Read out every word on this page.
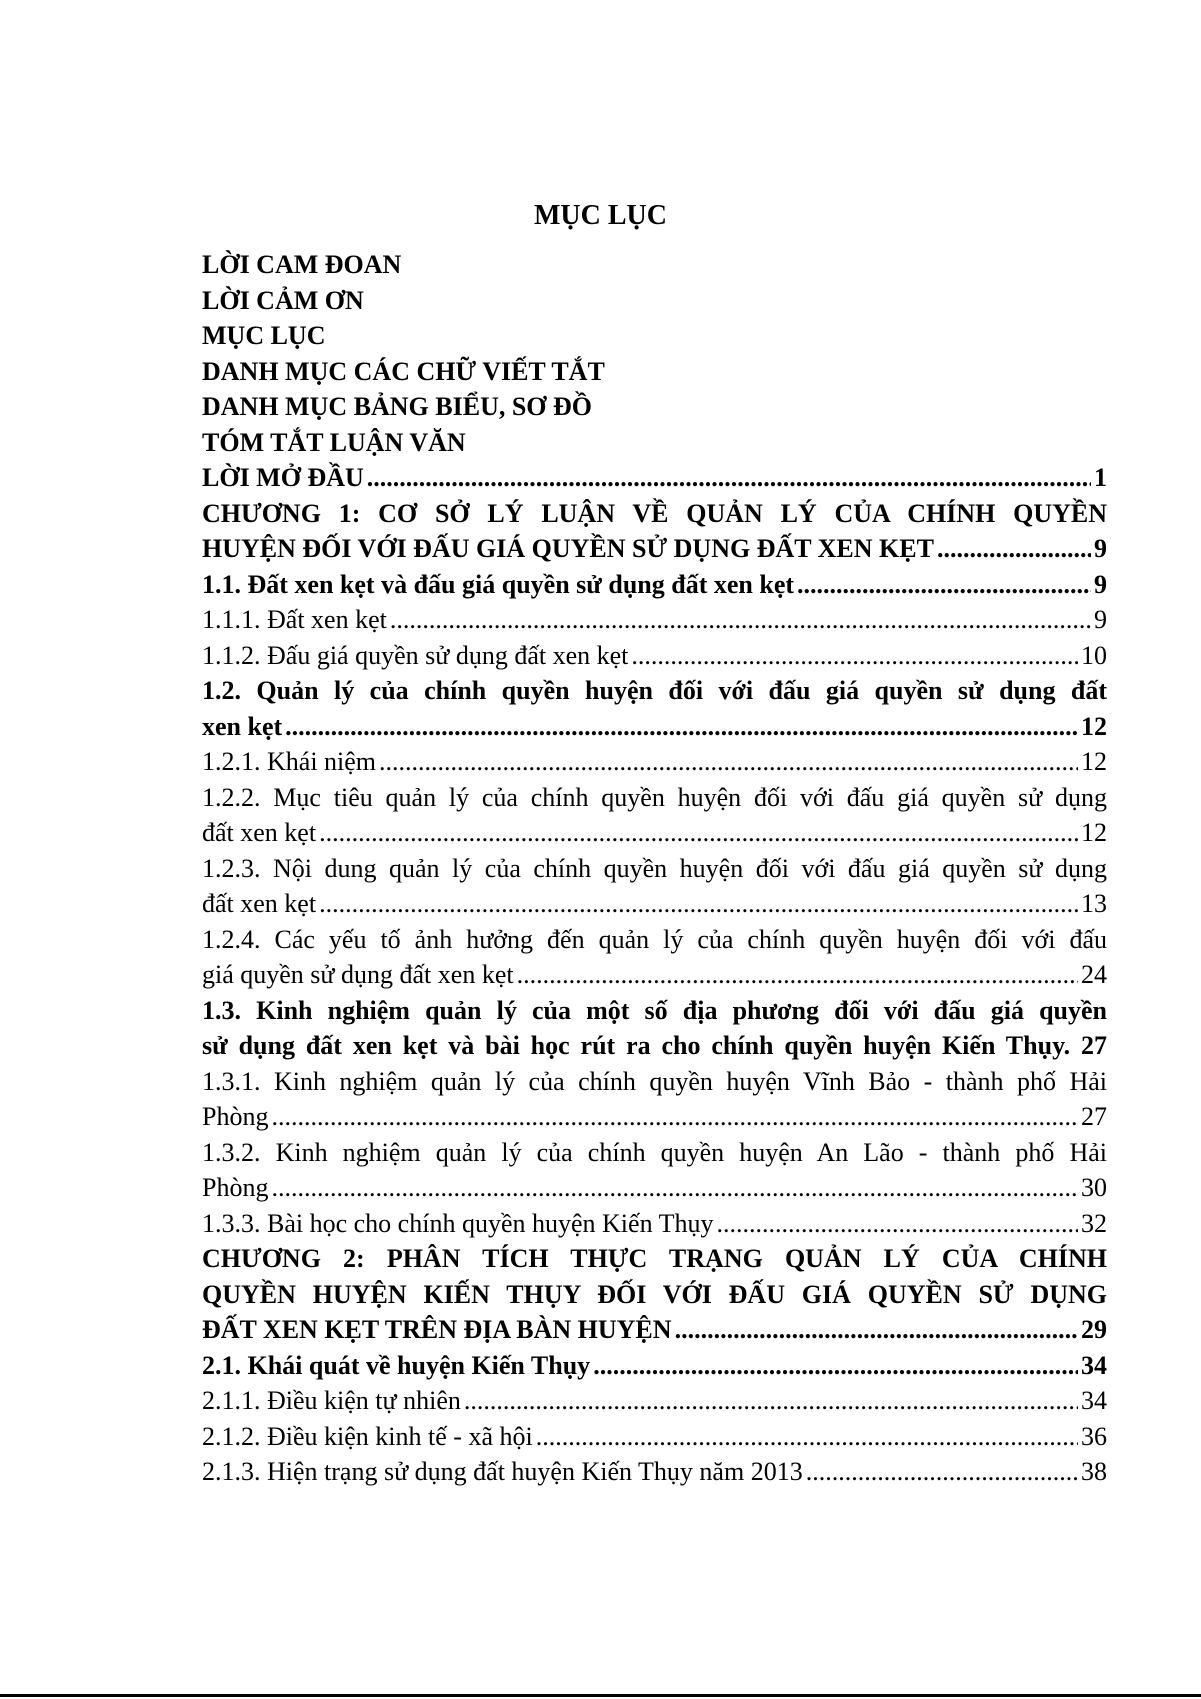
MỤC LỤC
LỜI CAM ĐOAN
LỜI CẢM ƠN
MỤC LỤC
DANH MỤC CÁC CHỮ VIẾT TẮT
DANH MỤC BẢNG BIỂU, SƠ ĐỒ
TÓM TẮT LUẬN VĂN
LỜI MỞ ĐẦU .....	1
CHƯƠNG 1: CƠ SỞ LÝ LUẬN VỀ QUẢN LÝ CỦA CHÍNH QUYỀN
HUYỆN ĐỐI VỚI ĐẤU GIÁ QUYỀN SỬ DỤNG ĐẤT XEN KẸT .....	9
1.1. Đất xen kẹt và đấu giá quyền sử dụng đất xen kẹt .....	9
1.1.1. Đất xen kẹt .....	9
1.1.2. Đấu giá quyền sử dụng đất xen kẹt .....	10
1.2. Quản lý của chính quyền huyện đối với đấu giá quyền sử dụng đất
xen kẹt .....	12
1.2.1. Khái niệm .....	12
1.2.2. Mục tiêu quản lý của chính quyền huyện đối với đấu giá quyền sử dụng
đất xen kẹt .....	12
1.2.3. Nội dung quản lý của chính quyền huyện đối với đấu giá quyền sử dụng
đất xen kẹt .....	13
1.2.4. Các yếu tố ảnh hưởng đến quản lý của chính quyền huyện đối với đấu
giá quyền sử dụng đất xen kẹt .....	24
1.3. Kinh nghiệm quản lý của một số địa phương đối với đấu giá quyền
sử dụng đất xen kẹt và bài học rút ra cho chính quyền huyện Kiến Thụy. 27
1.3.1. Kinh nghiệm quản lý của chính quyền huyện Vĩnh Bảo - thành phố Hải
Phòng .....	27
1.3.2. Kinh nghiệm quản lý của chính quyền huyện An Lão - thành phố Hải
Phòng .....	30
1.3.3. Bài học cho chính quyền huyện Kiến Thụy .....	32
CHƯƠNG 2: PHÂN TÍCH THỰC TRẠNG QUẢN LÝ CỦA CHÍNH
QUYỀN HUYỆN KIẾN THỤY ĐỐI VỚI ĐẤU GIÁ QUYỀN SỬ DỤNG
ĐẤT XEN KẸT TRÊN ĐỊA BÀN HUYỆN .....	29
2.1. Khái quát về huyện Kiến Thụy .....	34
2.1.1. Điều kiện tự nhiên .....	34
2.1.2. Điều kiện kinh tế - xã hội .....	36
2.1.3. Hiện trạng sử dụng đất huyện Kiến Thụy năm 2013 .....	38
